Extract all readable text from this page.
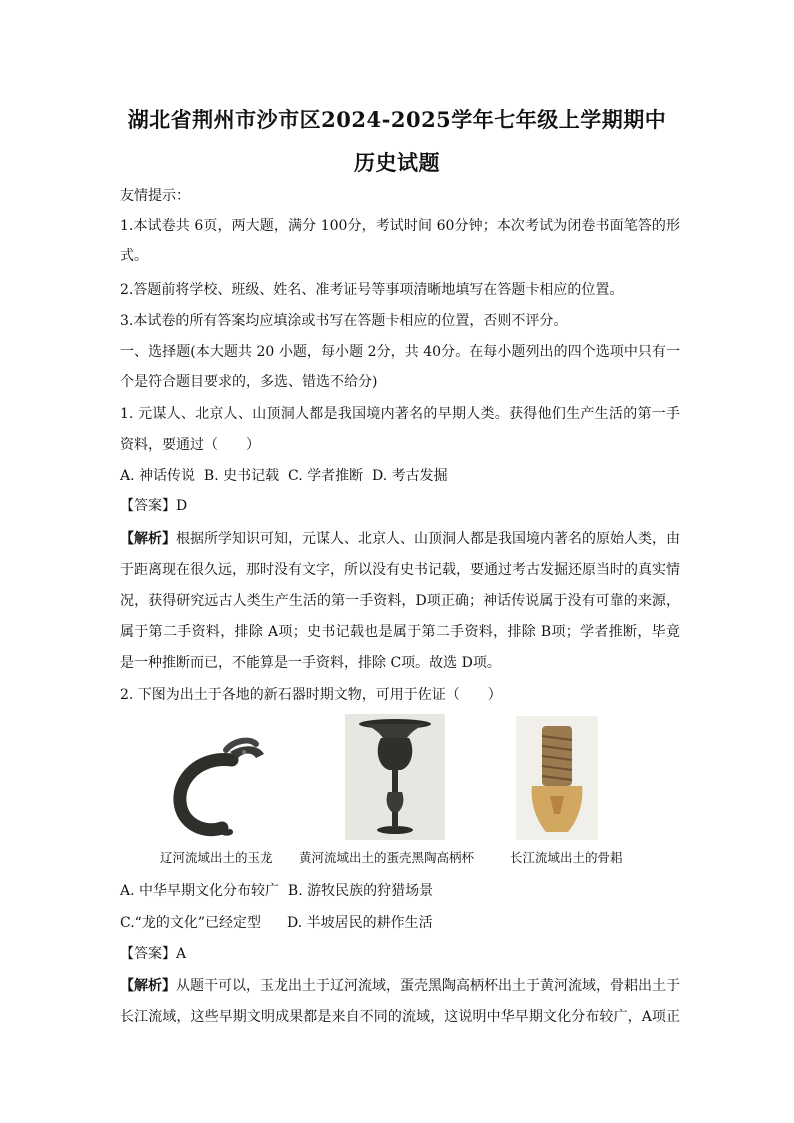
湖北省荆州市沙市区2024-2025学年七年级上学期期中
历史试题
友情提示：
1.本试卷共 6页，两大题，满分 100分，考试时间 60分钟；本次考试为闭卷书面笔答的形
式。
2.答题前将学校、班级、姓名、准考证号等事项清晰地填写在答题卡相应的位置。
3.本试卷的所有答案均应填涂或书写在答题卡相应的位置，否则不评分。
一、选择题(本大题共 20 小题，每小题 2分，共 40分。在每小题列出的四个选项中只有一
个是符合题目要求的，多选、错选不给分)
1. 元谋人、北京人、山顶洞人都是我国境内著名的早期人类。获得他们生产生活的第一手
资料，要通过（　　）
A. 神话传说  B. 史书记载  C. 学者推断  D. 考古发掘
【答案】D
【解析】根据所学知识可知，元谋人、北京人、山顶洞人都是我国境内著名的原始人类，由
于距离现在很久远，那时没有文字，所以没有史书记载，要通过考古发掘还原当时的真实情
况，获得研究远古人类生产生活的第一手资料，D项正确；神话传说属于没有可靠的来源，
属于第二手资料，排除 A项；史书记载也是属于第二手资料，排除 B项；学者推断，毕竟
是一种推断而已，不能算是一手资料，排除 C项。故选 D项。
2. 下图为出土于各地的新石器时期文物，可用于佐证（　　）
辽河流域出土的玉龙 黄河流域出土的蛋壳黑陶高柄杯	长江流域出土的骨耜
A. 中华早期文化分布较广  B. 游牧民族的狩猎场景
C.“龙的文化”已经定型	D. 半坡居民的耕作生活
【答案】A
【解析】从题干可以，玉龙出土于辽河流域，蛋壳黑陶高柄杯出土于黄河流域，骨耜出土于
长江流域，这些早期文明成果都是来自不同的流域，这说明中华早期文化分布较广，A项正
